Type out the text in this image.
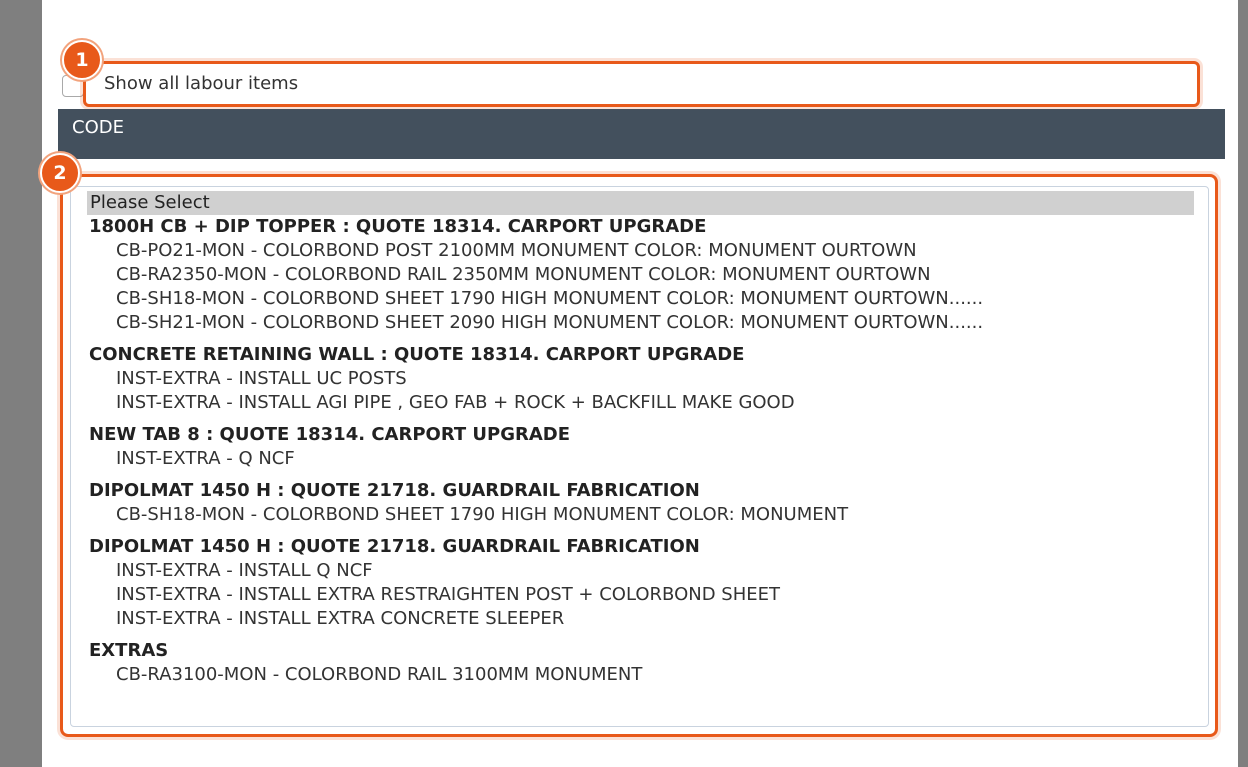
Show all labour items
1
CODE
Please Select
1800H CB + DIP TOPPER : QUOTE 18314. CARPORT UPGRADE
CB-PO21-MON - COLORBOND POST 2100MM MONUMENT COLOR: MONUMENT OURTOWN
CB-RA2350-MON - COLORBOND RAIL 2350MM MONUMENT COLOR: MONUMENT OURTOWN
CB-SH18-MON - COLORBOND SHEET 1790 HIGH MONUMENT COLOR: MONUMENT OURTOWN......
CB-SH21-MON - COLORBOND SHEET 2090 HIGH MONUMENT COLOR: MONUMENT OURTOWN......
CONCRETE RETAINING WALL : QUOTE 18314. CARPORT UPGRADE
INST-EXTRA - INSTALL UC POSTS
INST-EXTRA - INSTALL AGI PIPE , GEO FAB + ROCK + BACKFILL MAKE GOOD
NEW TAB 8 : QUOTE 18314. CARPORT UPGRADE
INST-EXTRA - Q NCF
DIPOLMAT 1450 H : QUOTE 21718. GUARDRAIL FABRICATION
CB-SH18-MON - COLORBOND SHEET 1790 HIGH MONUMENT COLOR: MONUMENT
DIPOLMAT 1450 H : QUOTE 21718. GUARDRAIL FABRICATION
INST-EXTRA - INSTALL Q NCF
INST-EXTRA - INSTALL EXTRA RESTRAIGHTEN POST + COLORBOND SHEET
INST-EXTRA - INSTALL EXTRA CONCRETE SLEEPER
EXTRAS
CB-RA3100-MON - COLORBOND RAIL 3100MM MONUMENT
2
